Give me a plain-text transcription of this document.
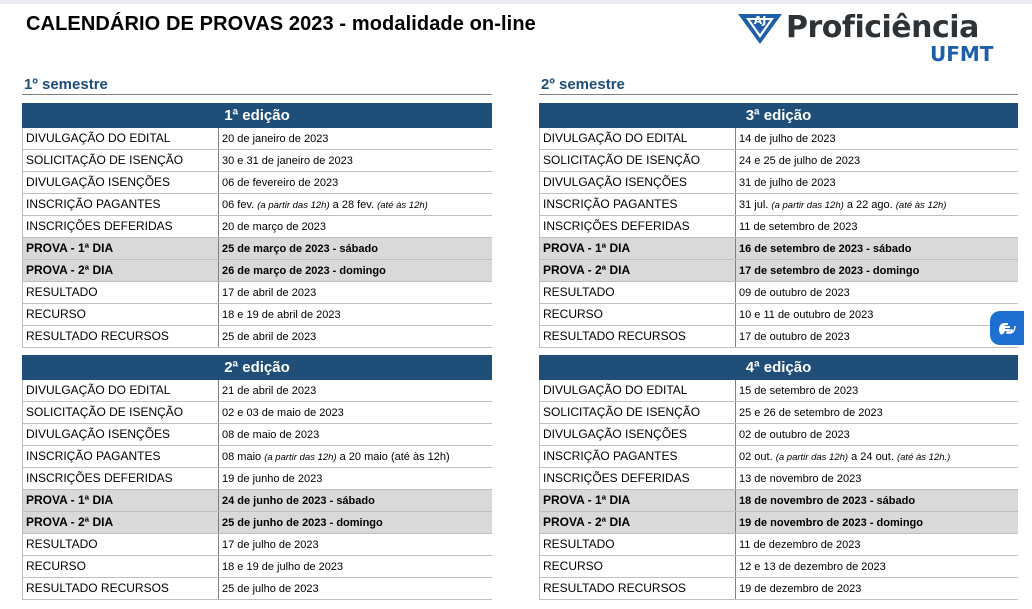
CALENDÁRIO DE PROVAS 2023 - modalidade on-line	AJ Proficiência
UFMT
1º semestre
1ª edição
DIVULGAÇÃO DO EDITAL	20 de janeiro de 2023
SOLICITAÇÃO DE ISENÇÃO	30 e 31 de janeiro de 2023
DIVULGAÇÃO ISENÇÕES	06 de fevereiro de 2023
INSCRIÇÃO PAGANTES	06 fev. (a partir das 12h) a 28 fev. (até às 12h)
INSCRIÇÕES DEFERIDAS	20 de março de 2023
PROVA - 1ª DIA	25 de março de 2023 - sábado
PROVA - 2ª DIA	26 de março de 2023 - domingo
RESULTADO	17 de abril de 2023
RECURSO	18 e 19 de abril de 2023
RESULTADO RECURSOS	25 de abril de 2023
2ª edição
DIVULGAÇÃO DO EDITAL	21 de abril de 2023
SOLICITAÇÃO DE ISENÇÃO	02 e 03 de maio de 2023
DIVULGAÇÃO ISENÇÕES	08 de maio de 2023
INSCRIÇÃO PAGANTES	08 maio (a partir das 12h) a 20 maio (até às 12h)
INSCRIÇÕES DEFERIDAS	19 de junho de 2023
PROVA - 1ª DIA	24 de junho de 2023 - sábado
PROVA - 2ª DIA	25 de junho de 2023 - domingo
RESULTADO	17 de julho de 2023
RECURSO	18 e 19 de julho de 2023
RESULTADO RECURSOS	25 de julho de 2023
2º semestre
3ª edição
DIVULGAÇÃO DO EDITAL	14 de julho de 2023
SOLICITAÇÃO DE ISENÇÃO	24 e 25 de julho de 2023
DIVULGAÇÃO ISENÇÕES	31 de julho de 2023
INSCRIÇÃO PAGANTES	31 jul. (a partir das 12h) a 22 ago. (até às 12h)
INSCRIÇÕES DEFERIDAS	11 de setembro de 2023
PROVA - 1ª DIA	16 de setembro de 2023 - sábado
PROVA - 2ª DIA	17 de setembro de 2023 - domingo
RESULTADO	09 de outubro de 2023
RECURSO	10 e 11 de outubro de 2023
RESULTADO RECURSOS	17 de outubro de 2023
4ª edição
DIVULGAÇÃO DO EDITAL	15 de setembro de 2023
SOLICITAÇÃO DE ISENÇÃO	25 e 26 de setembro de 2023
DIVULGAÇÃO ISENÇÕES	02 de outubro de 2023
INSCRIÇÃO PAGANTES	02 out. (a partir das 12h) a 24 out. (até às 12h.)
INSCRIÇÕES DEFERIDAS	13 de novembro de 2023
PROVA - 1ª DIA	18 de novembro de 2023 - sábado
PROVA - 2ª DIA	19 de novembro de 2023 - domingo
RESULTADO	11 de dezembro de 2023
RECURSO	12 e 13 de dezembro de 2023
RESULTADO RECURSOS	19 de dezembro de 2023
